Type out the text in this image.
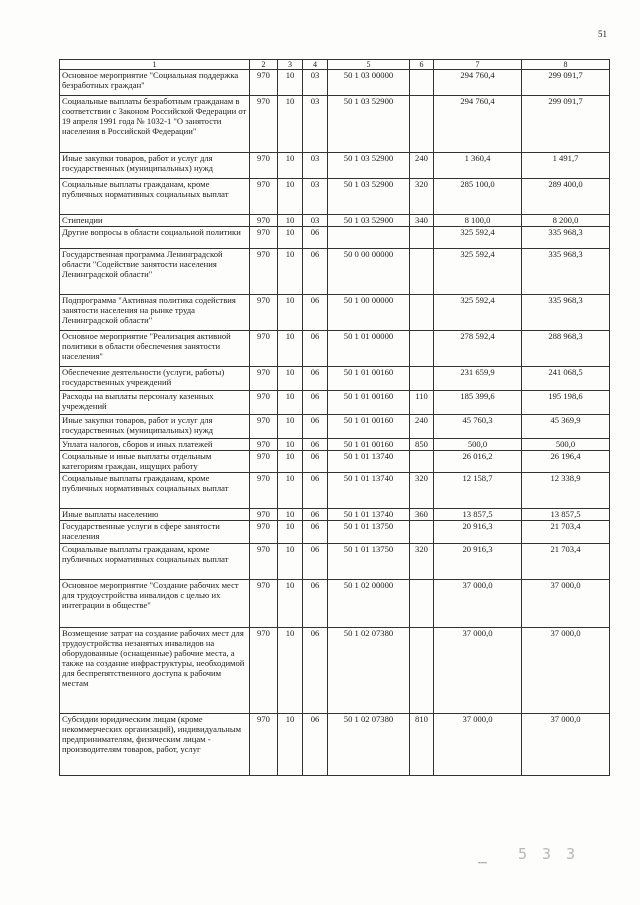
51
1	2	3	4	5	6	7	8
Основное мероприятие "Социальная поддержка безработных граждан"	970	10	03	50 1 03 00000		294 760,4	299 091,7
Социальные выплаты безработным гражданам в соответствии с Законом Российской Федерации от 19 апреля 1991 года № 1032-1 "О занятости населения в Российской Федерации"	970	10	03	50 1 03 52900		294 760,4	299 091,7
Иные закупки товаров, работ и услуг для государственных (муниципальных) нужд	970	10	03	50 1 03 52900	240	1 360,4	1 491,7
Социальные выплаты гражданам, кроме публичных нормативных социальных выплат	970	10	03	50 1 03 52900	320	285 100,0	289 400,0
Стипендии	970	10	03	50 1 03 52900	340	8 100,0	8 200,0
Другие вопросы в области социальной политики	970	10	06			325 592,4	335 968,3
Государственная программа Ленинградской области "Содействие занятости населения Ленинградской области"	970	10	06	50 0 00 00000		325 592,4	335 968,3
Подпрограмма "Активная политика содействия занятости населения на рынке труда Ленинградской области"	970	10	06	50 1 00 00000		325 592,4	335 968,3
Основное мероприятие "Реализация активной политики в области обеспечения занятости населения"	970	10	06	50 1 01 00000		278 592,4	288 968,3
Обеспечение деятельности (услуги, работы) государственных учреждений	970	10	06	50 1 01 00160		231 659,9	241 068,5
Расходы на выплаты персоналу казенных учреждений	970	10	06	50 1 01 00160	110	185 399,6	195 198,6
Иные закупки товаров, работ и услуг для государственных (муниципальных) нужд	970	10	06	50 1 01 00160	240	45 760,3	45 369,9
Уплата налогов, сборов и иных платежей	970	10	06	50 1 01 00160	850	500,0	500,0
Социальные и иные выплаты отдельным категориям граждан, ищущих работу	970	10	06	50 1 01 13740		26 016,2	26 196,4
Социальные выплаты гражданам, кроме публичных нормативных социальных выплат	970	10	06	50 1 01 13740	320	12 158,7	12 338,9
Иные выплаты населению	970	10	06	50 1 01 13740	360	13 857,5	13 857,5
Государственные услуги в сфере занятости населения	970	10	06	50 1 01 13750		20 916,3	21 703,4
Социальные выплаты гражданам, кроме публичных нормативных социальных выплат	970	10	06	50 1 01 13750	320	20 916,3	21 703,4
Основное мероприятие "Создание рабочих мест для трудоустройства инвалидов с целью их интеграции в обществе"	970	10	06	50 1 02 00000		37 000,0	37 000,0
Возмещение затрат на создание рабочих мест для трудоустройства незанятых инвалидов на оборудованные (оснащенные) рабочие места, а также на создание инфраструктуры, необходимой для беспрепятственного доступа к рабочим местам	970	10	06	50 1 02 07380		37 000,0	37 000,0
Субсидии юридическим лицам (кроме некоммерческих организаций), индивидуальным предпринимателям, физическим лицам - производителям товаров, работ, услуг	970	10	06	50 1 02 07380	810	37 000,0	37 000,0
--- 5 3 3
